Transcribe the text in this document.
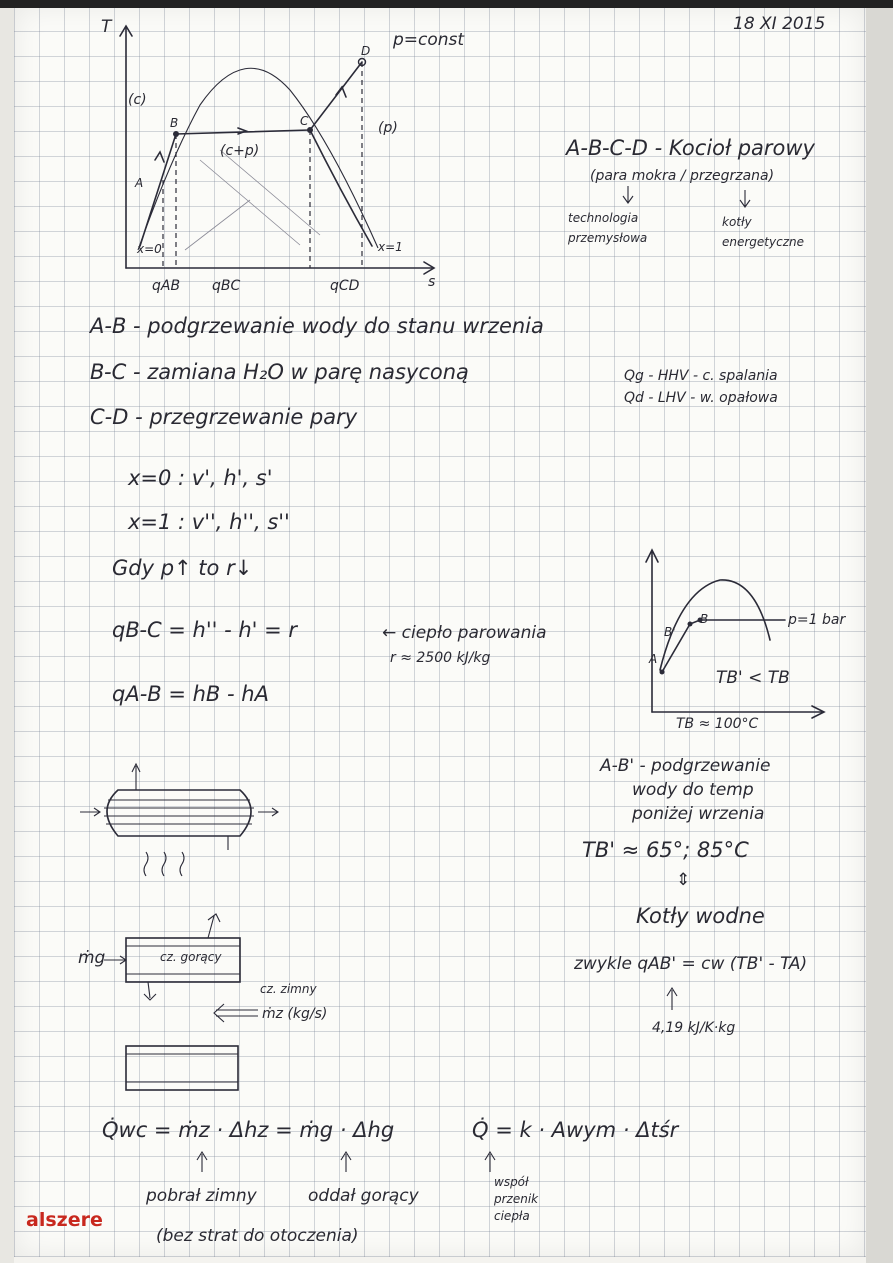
18 XI 2015
T
p=const
(c)
(c+p)
(p)
A
B	C
D
x=0	x=1
s
qAB qBC	qCD
A-B-C-D - Kocioł parowy
(para mokra / przegrzana)
technologia przemysłowa
kotły energetyczne
A-B - podgrzewanie wody do stanu wrzenia
B-C - zamiana H₂O w parę nasyconą
C-D - przegrzewanie pary
Qg - HHV - c. spalania
Qd - LHV - w. opałowa
x=0 : v', h', s'
x=1 : v'', h'', s''
Gdy p↑ to r↓
qB-C = h'' - h' = r	← ciepło parowania
r ≈ 2500 kJ/kg
qA-B = hB - hA
A
B'
B	p=1 bar
TB' < TB
TB ≈ 100°C
A-B' - podgrzewanie
wody do temp
poniżej wrzenia
TB' ≈ 65°; 85°C
⇕
Kotły wodne
zwykle qAB' = cw (TB' - TA)
4,19 kJ/K·kg
ṁg	cz. gorący
cz. zimny
ṁz (kg/s)
Q̇wc = ṁz · Δhz = ṁg · Δhg
pobrał zimny	oddał gorący
(bez strat do otoczenia)
Q̇ = k · Awym · Δtśr
współ przenik ciepła
alszere
